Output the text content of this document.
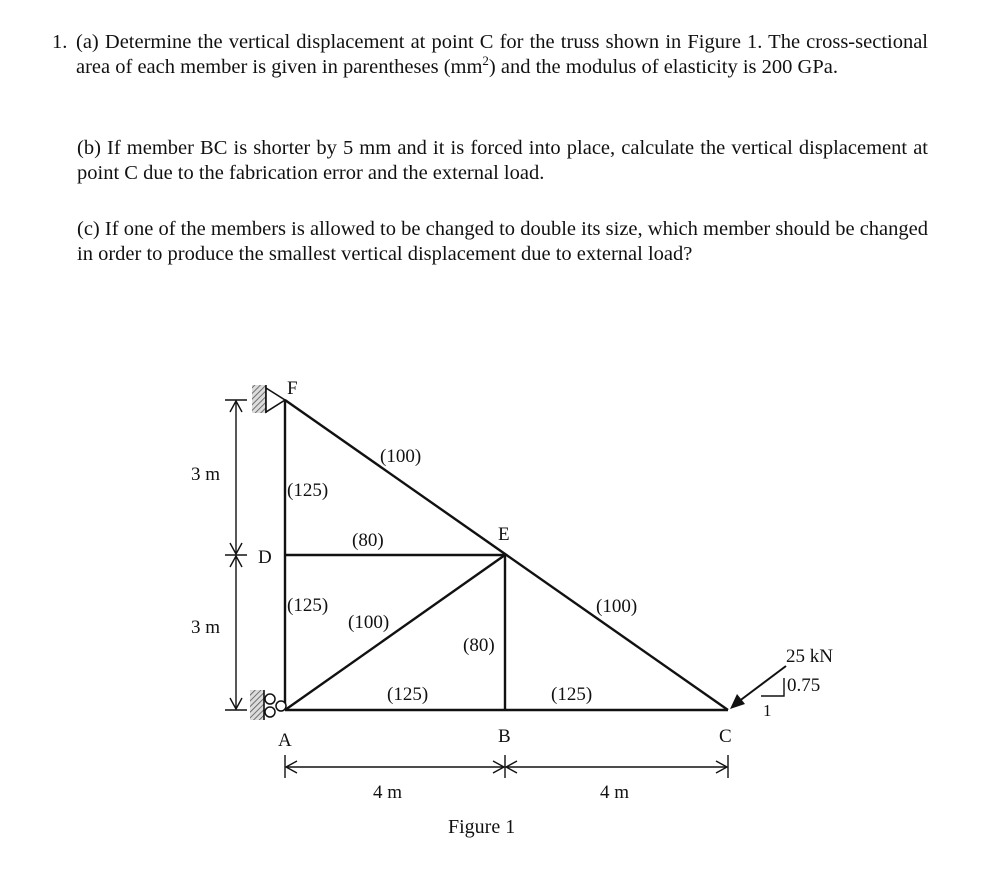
1. (a) Determine the vertical displacement at point C for the truss shown in Figure 1. The cross-sectional area of each member is given in parentheses $(mm^2)$ and the modulus of elasticity is 200 GPa.
(b) If member BC is shorter by 5 mm and it is forced into place, calculate the vertical displacement at point C due to the fabrication error and the external load.
(c) If one of the members is allowed to be changed to double its size, which member should be changed in order to produce the smallest vertical displacement due to external load?
F
D
E
A	B	C
(100)
(125)
(80)
(125)
(100)
(80)
(125)
(100)
(125)
3 m
3 m
4 m	4 m
25 kN
0.75
1
Figure 1
